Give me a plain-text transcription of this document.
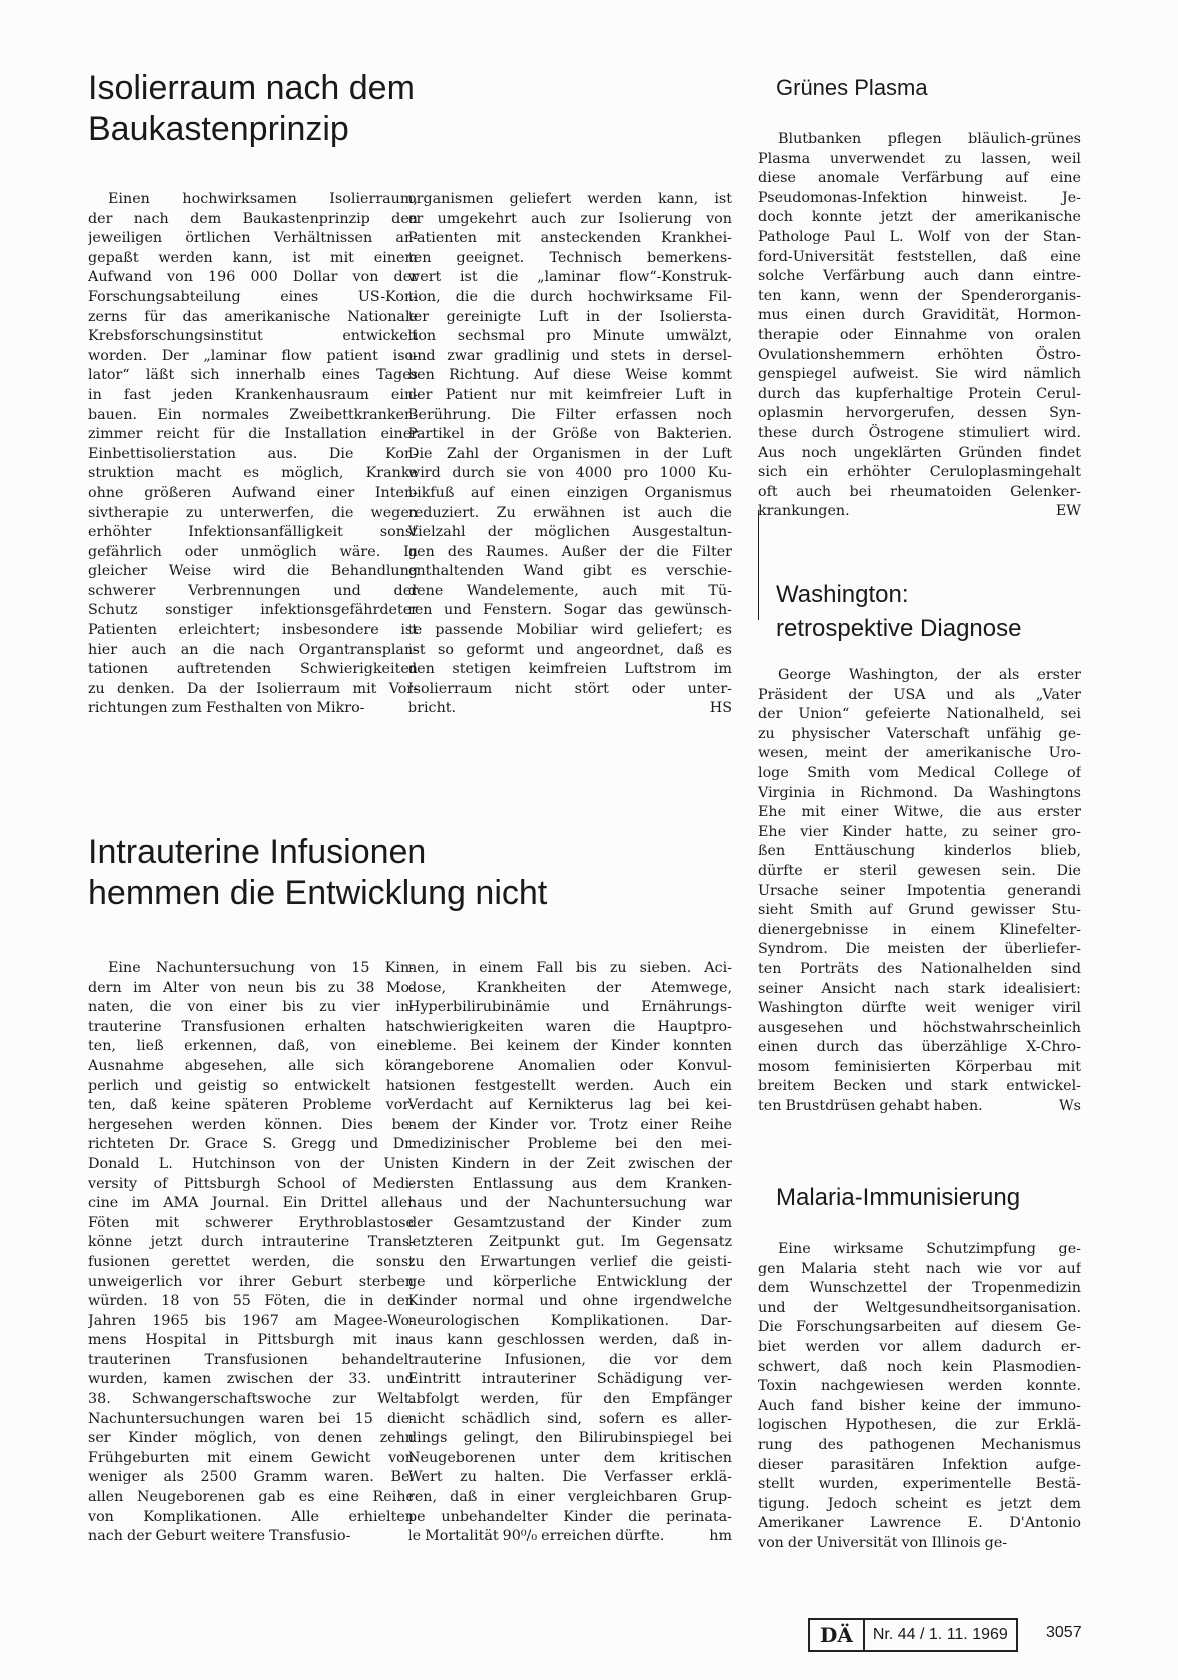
Isolierraum nach dem
Baukastenprinzip
Einen hochwirksamen Isolierraum,
der nach dem Baukastenprinzip den
jeweiligen örtlichen Verhältnissen an-
gepaßt werden kann, ist mit einem
Aufwand von 196 000 Dollar von der
Forschungsabteilung eines US-Kon-
zerns für das amerikanische Nationale
Krebsforschungsinstitut entwickelt
worden. Der „laminar flow patient iso-
lator“ läßt sich innerhalb eines Tages
in fast jeden Krankenhausraum ein-
bauen. Ein normales Zweibettkranken-
zimmer reicht für die Installation einer
Einbettisolierstation aus. Die Kon-
struktion macht es möglich, Kranke
ohne größeren Aufwand einer Inten-
sivtherapie zu unterwerfen, die wegen
erhöhter Infektionsanfälligkeit sonst
gefährlich oder unmöglich wäre. In
gleicher Weise wird die Behandlung
schwerer Verbrennungen und der
Schutz sonstiger infektionsgefährdeter
Patienten erleichtert; insbesondere ist
hier auch an die nach Organtransplan-
tationen auftretenden Schwierigkeiten
zu denken. Da der Isolierraum mit Vor-
richtungen zum Festhalten von Mikro-
organismen geliefert werden kann, ist
er umgekehrt auch zur Isolierung von
Patienten mit ansteckenden Krankhei-
ten geeignet. Technisch bemerkens-
wert ist die „laminar flow“-Konstruk-
tion, die die durch hochwirksame Fil-
ter gereinigte Luft in der Isolierstа-
tion sechsmal pro Minute umwälzt,
und zwar gradlinig und stets in dersel-
ben Richtung. Auf diese Weise kommt
der Patient nur mit keimfreier Luft in
Berührung. Die Filter erfassen noch
Partikel in der Größe von Bakterien.
Die Zahl der Organismen in der Luft
wird durch sie von 4000 pro 1000 Ku-
bikfuß auf einen einzigen Organismus
reduziert. Zu erwähnen ist auch die
Vielzahl der möglichen Ausgestaltun-
gen des Raumes. Außer der die Filter
enthaltenden Wand gibt es verschie-
dene Wandelemente, auch mit Tü-
ren und Fenstern. Sogar das gewünsch-
te passende Mobiliar wird geliefert; es
ist so geformt und angeordnet, daß es
den stetigen keimfreien Luftstrom im
Isolierraum nicht stört oder unter-
bricht.	HS
Intrauterine Infusionen
hemmen die Entwicklung nicht
Eine Nachuntersuchung von 15 Kin-
dern im Alter von neun bis zu 38 Mo-
naten, die von einer bis zu vier in-
trauterine Transfusionen erhalten hat-
ten, ließ erkennen, daß, von einer
Ausnahme abgesehen, alle sich kör-
perlich und geistig so entwickelt hat-
ten, daß keine späteren Probleme vor-
hergesehen werden können. Dies be-
richteten Dr. Grace S. Gregg und Dr.
Donald L. Hutchinson von der Uni-
versity of Pittsburgh School of Medi-
cine im AMA Journal. Ein Drittel aller
Föten mit schwerer Erythroblastose
könne jetzt durch intrauterine Trans-
fusionen gerettet werden, die sonst
unweigerlich vor ihrer Geburt sterben
würden. 18 von 55 Föten, die in den
Jahren 1965 bis 1967 am Magee-Wo-
mens Hospital in Pittsburgh mit in-
trauterinen Transfusionen behandelt
wurden, kamen zwischen der 33. und
38. Schwangerschaftswoche zur Welt.
Nachuntersuchungen waren bei 15 die-
ser Kinder möglich, von denen zehn
Frühgeburten mit einem Gewicht von
weniger als 2500 Gramm waren. Bei
allen Neugeborenen gab es eine Reihe
von Komplikationen. Alle erhielten
nach der Geburt weitere Transfusio-
nen, in einem Fall bis zu sieben. Aci-
dose, Krankheiten der Atemwege,
Hyperbilirubinämie und Ernährungs-
schwierigkeiten waren die Hauptpro-
bleme. Bei keinem der Kinder konnten
angeborene Anomalien oder Konvul-
sionen festgestellt werden. Auch ein
Verdacht auf Kernikterus lag bei kei-
nem der Kinder vor. Trotz einer Reihe
medizinischer Probleme bei den mei-
sten Kindern in der Zeit zwischen der
ersten Entlassung aus dem Kranken-
haus und der Nachuntersuchung war
der Gesamtzustand der Kinder zum
letzteren Zeitpunkt gut. Im Gegensatz
zu den Erwartungen verlief die geisti-
ge und körperliche Entwicklung der
Kinder normal und ohne irgendwelche
neurologischen Komplikationen. Dar-
aus kann geschlossen werden, daß in-
trauterine Infusionen, die vor dem
Eintritt intrauteriner Schädigung ver-
abfolgt werden, für den Empfänger
nicht schädlich sind, sofern es aller-
dings gelingt, den Bilirubinspiegel bei
Neugeborenen unter dem kritischen
Wert zu halten. Die Verfasser erklä-
ren, daß in einer vergleichbaren Grup-
pe unbehandelter Kinder die perinata-
le Mortalität 90⁰/₀ erreichen dürfte.	hm
Grünes Plasma
Blutbanken pflegen bläulich-grünes
Plasma unverwendet zu lassen, weil
diese anomale Verfärbung auf eine
Pseudomonas-Infektion hinweist. Je-
doch konnte jetzt der amerikanische
Pathologe Paul L. Wolf von der Stan-
ford-Universität feststellen, daß eine
solche Verfärbung auch dann eintre-
ten kann, wenn der Spenderorganis-
mus einen durch Gravidität, Hormon-
therapie oder Einnahme von oralen
Ovulationshemmern erhöhten Östro-
genspiegel aufweist. Sie wird nämlich
durch das kupferhaltige Protein Cerul-
oplasmin hervorgerufen, dessen Syn-
these durch Östrogene stimuliert wird.
Aus noch ungeklärten Gründen findet
sich ein erhöhter Ceruloplasmingehalt
oft auch bei rheumatoiden Gelenker-
krankungen.	EW
Washington:
retrospektive Diagnose
George Washington, der als erster
Präsident der USA und als „Vater
der Union“ gefeierte Nationalheld, sei
zu physischer Vaterschaft unfähig ge-
wesen, meint der amerikanische Uro-
loge Smith vom Medical College of
Virginia in Richmond. Da Washingtons
Ehe mit einer Witwe, die aus erster
Ehe vier Kinder hatte, zu seiner gro-
ßen Enttäuschung kinderlos blieb,
dürfte er steril gewesen sein. Die
Ursache seiner Impotentia generandi
sieht Smith auf Grund gewisser Stu-
dienergebnisse in einem Klinefelter-
Syndrom. Die meisten der überliefer-
ten Porträts des Nationalhelden sind
seiner Ansicht nach stark idealisiert:
Washington dürfte weit weniger viril
ausgesehen und höchstwahrscheinlich
einen durch das überzählige X-Chro-
mosom feminisierten Körperbau mit
breitem Becken und stark entwickel-
ten Brustdrüsen gehabt haben.	Ws
Malaria-Immunisierung
Eine wirksame Schutzimpfung ge-
gen Malaria steht nach wie vor auf
dem Wunschzettel der Tropenmedizin
und der Weltgesundheitsorganisation.
Die Forschungsarbeiten auf diesem Ge-
biet werden vor allem dadurch er-
schwert, daß noch kein Plasmodien-
Toxin nachgewiesen werden konnte.
Auch fand bisher keine der immuno-
logischen Hypothesen, die zur Erklä-
rung des pathogenen Mechanismus
dieser parasitären Infektion aufge-
stellt wurden, experimentelle Bestä-
tigung. Jedoch scheint es jetzt dem
Amerikaner Lawrence E. D'Antonio
von der Universität von Illinois ge-
DÄ	Nr. 44 / 1. 11. 1969	3057
